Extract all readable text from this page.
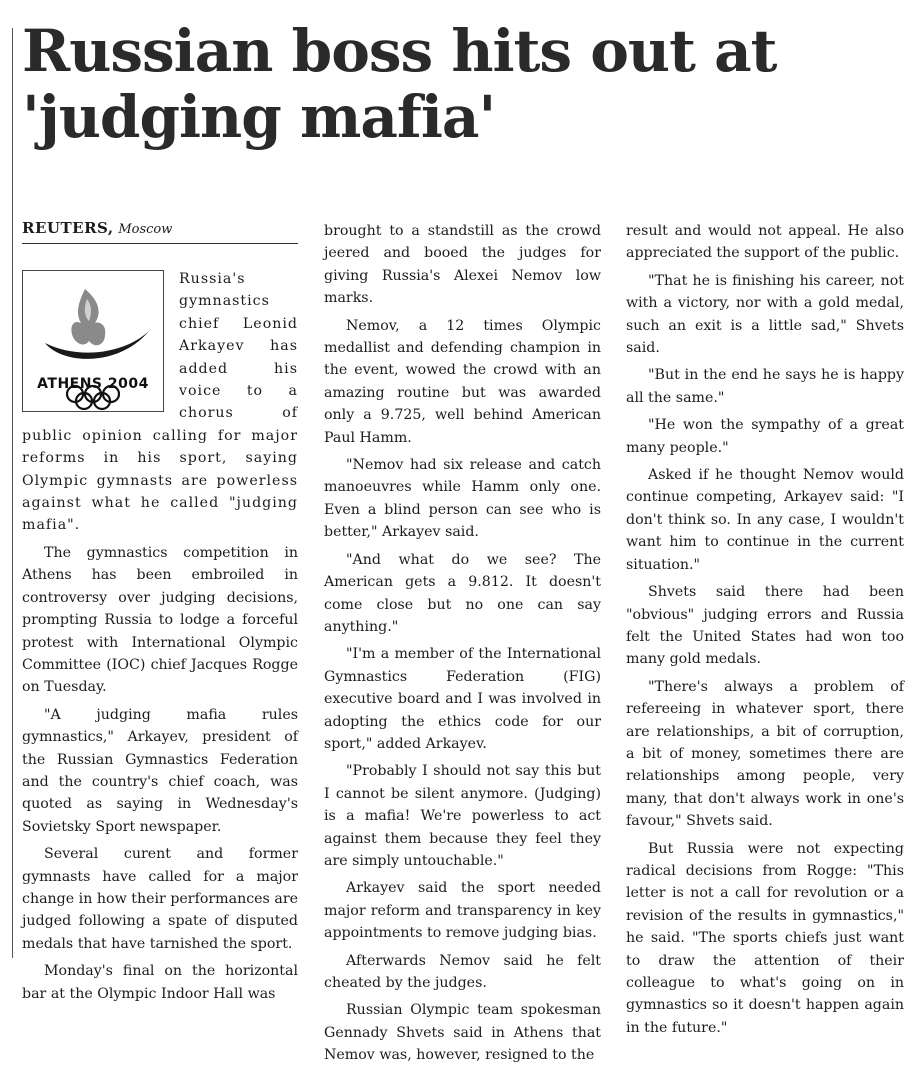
Russian boss hits out at 'judging mafia'
REUTERS, Moscow
ATHENS 2004

Russia's gymnastics chief Leonid Arkayev has added his voice to a chorus of public opinion calling for major reforms in his sport, saying Olympic gymnasts are powerless against what he called "judging mafia".

The gymnastics competition in Athens has been embroiled in controversy over judging decisions, prompting Russia to lodge a forceful protest with International Olympic Committee (IOC) chief Jacques Rogge on Tuesday.

"A judging mafia rules gymnastics," Arkayev, president of the Russian Gymnastics Federation and the country's chief coach, was quoted as saying in Wednesday's Sovietsky Sport newspaper.

Several curent and former gymnasts have called for a major change in how their performances are judged following a spate of disputed medals that have tarnished the sport.

Monday's final on the horizontal bar at the Olympic Indoor Hall was

brought to a standstill as the crowd jeered and booed the judges for giving Russia's Alexei Nemov low marks.

Nemov, a 12 times Olympic medallist and defending champion in the event, wowed the crowd with an amazing routine but was awarded only a 9.725, well behind American Paul Hamm.

"Nemov had six release and catch manoeuvres while Hamm only one. Even a blind person can see who is better," Arkayev said.

"And what do we see? The American gets a 9.812. It doesn't come close but no one can say anything."

"I'm a member of the International Gymnastics Federation (FIG) executive board and I was involved in adopting the ethics code for our sport," added Arkayev.

"Probably I should not say this but I cannot be silent anymore. (Judging) is a mafia! We're powerless to act against them because they feel they are simply untouchable."

Arkayev said the sport needed major reform and transparency in key appointments to remove judging bias.

Afterwards Nemov said he felt cheated by the judges.

Russian Olympic team spokesman Gennady Shvets said in Athens that Nemov was, however, resigned to the

result and would not appeal. He also appreciated the support of the public.

"That he is finishing his career, not with a victory, nor with a gold medal, such an exit is a little sad," Shvets said.

"But in the end he says he is happy all the same."

"He won the sympathy of a great many people."

Asked if he thought Nemov would continue competing, Arkayev said: "I don't think so. In any case, I wouldn't want him to continue in the current situation."

Shvets said there had been "obvious" judging errors and Russia felt the United States had won too many gold medals.

"There's always a problem of refereeing in whatever sport, there are relationships, a bit of corruption, a bit of money, sometimes there are relationships among people, very many, that don't always work in one's favour," Shvets said.

But Russia were not expecting radical decisions from Rogge: "This letter is not a call for revolution or a revision of the results in gymnastics," he said. "The sports chiefs just want to draw the attention of their colleague to what's going on in gymnastics so it doesn't happen again in the future."
